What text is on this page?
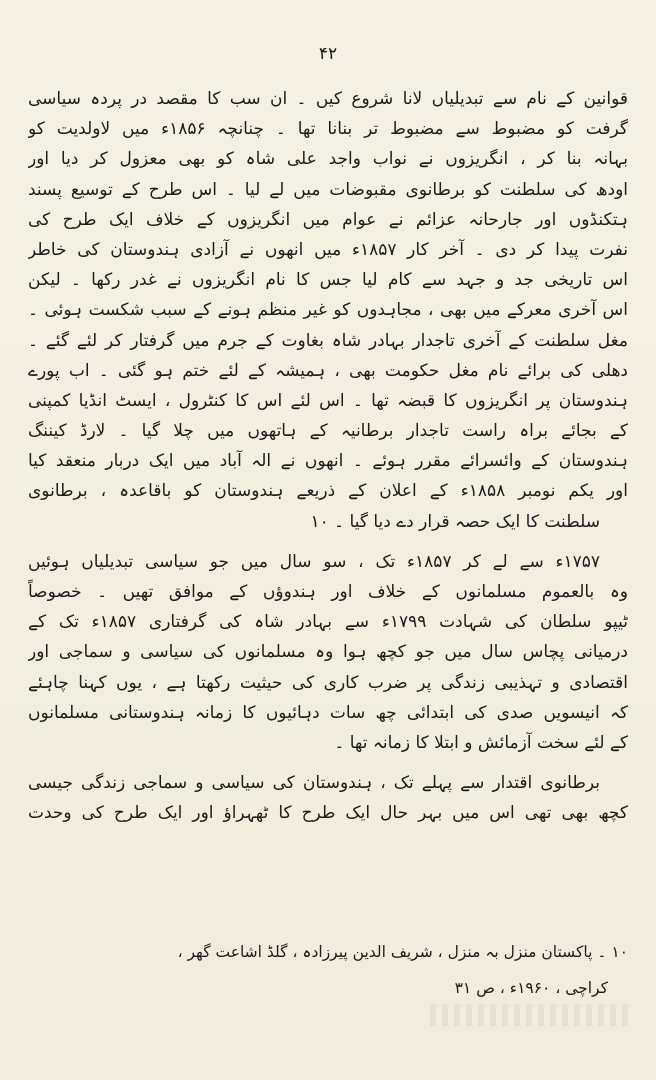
۴۲

قوانین کے نام سے تبدیلیاں لانا شروع کیں ۔ ان سب کا مقصد در پردہ سیاسی
گرفت کو مضبوط سے مضبوط تر بنانا تھا ۔ چنانچہ ۱۸۵۶ء میں لاولدیت کو
بہانہ بنا کر ، انگریزوں نے نواب واجد علی شاہ کو بھی معزول کر دیا اور
اودھ کی سلطنت کو برطانوی مقبوضات میں لے لیا ۔ اس طرح کے توسیع پسند
ہتکنڈوں اور جارحانہ عزائم نے عوام میں انگریزوں کے خلاف ایک طرح کی
نفرت پیدا کر دی ۔ آخر کار ۱۸۵۷ء میں انھوں نے آزادی ہندوستان کی خاطر
اس تاریخی جد و جہد سے کام لیا جس کا نام انگریزوں نے غدر رکھا ۔ لیکن
اس آخری معرکے میں بھی ، مجاہدوں کو غیر منظم ہونے کے سبب شکست ہوئی ۔
مغل سلطنت کے آخری تاجدار بہادر شاہ بغاوت کے جرم میں گرفتار کر لئے گئے ۔
دھلی کی برائے نام مغل حکومت بھی ، ہمیشہ کے لئے ختم ہو گئی ۔ اب پورے
ہندوستان پر انگریزوں کا قبضہ تھا ۔ اس لئے اس کا کنٹرول ، ایسٹ انڈیا کمپنی
کے بجائے براہ راست تاجدار برطانیہ کے ہاتھوں میں چلا گیا ۔ لارڈ کیننگ
ہندوستان کے وائسرائے مقرر ہوئے ۔ انھوں نے الہ آباد میں ایک دربار منعقد کیا
اور یکم نومبر ۱۸۵۸ء کے اعلان کے ذریعے ہندوستان کو باقاعدہ ، برطانوی
سلطنت کا ایک حصہ قرار دے دیا گیا ۔ ۱۰

۱۷۵۷ء سے لے کر ۱۸۵۷ء تک ، سو سال میں جو سیاسی تبدیلیاں ہوئیں
وہ بالعموم مسلمانوں کے خلاف اور ہندوؤں کے موافق تھیں ۔ خصوصاً
ٹیپو سلطان کی شہادت ۱۷۹۹ء سے بہادر شاہ کی گرفتاری ۱۸۵۷ء تک کے
درمیانی پچاس سال میں جو کچھ ہوا وہ مسلمانوں کی سیاسی و سماجی اور
اقتصادی و تہذیبی زندگی پر ضرب کاری کی حیثیت رکھتا ہے ، یوں کہنا چاہئے
کہ انیسویں صدی کی ابتدائی چھ سات دہائیوں کا زمانہ ہندوستانی مسلمانوں
کے لئے سخت آزمائش و ابتلا کا زمانہ تھا ۔

برطانوی اقتدار سے پہلے تک ، ہندوستان کی سیاسی و سماجی زندگی جیسی
کچھ بھی تھی اس میں بہر حال ایک طرح کا ٹھہراؤ اور ایک طرح کی وحدت

۱۰ ۔ پاکستان منزل بہ منزل ، شریف الدین پیرزادہ ، گلڈ اشاعت گھر ،
کراچی ، ۱۹۶۰ء ، ص ۳۱
